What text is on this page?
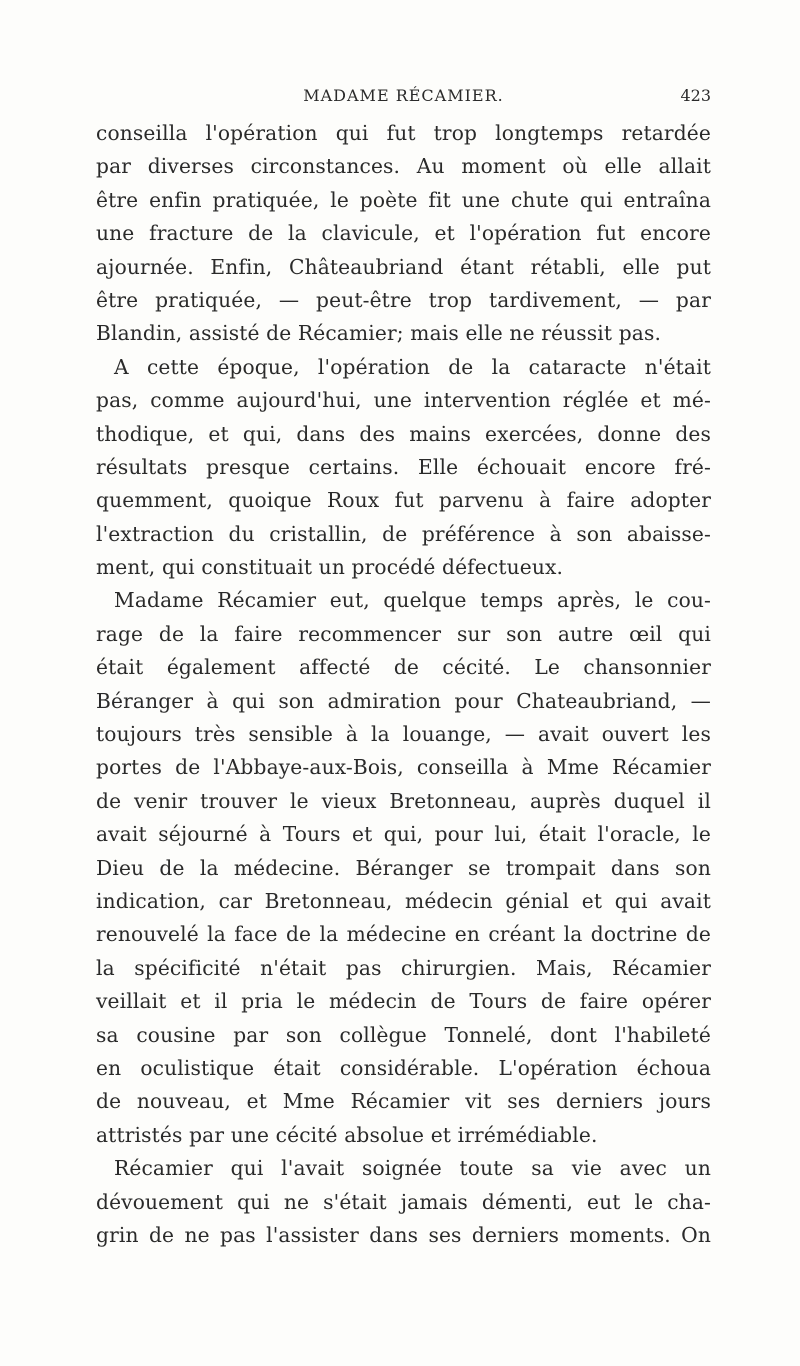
MADAME RÉCAMIER.	423
conseilla l'opération qui fut trop longtemps retardée
par diverses circonstances. Au moment où elle allait
être enfin pratiquée, le poète fit une chute qui entraîna
une fracture de la clavicule, et l'opération fut encore
ajournée. Enfin, Châteaubriand étant rétabli, elle put
être pratiquée, — peut-être trop tardivement, — par
Blandin, assisté de Récamier; mais elle ne réussit pas.
A cette époque, l'opération de la cataracte n'était
pas, comme aujourd'hui, une intervention réglée et mé-
thodique, et qui, dans des mains exercées, donne des
résultats presque certains. Elle échouait encore fré-
quemment, quoique Roux fut parvenu à faire adopter
l'extraction du cristallin, de préférence à son abaisse-
ment, qui constituait un procédé défectueux.
Madame Récamier eut, quelque temps après, le cou-
rage de la faire recommencer sur son autre œil qui
était également affecté de cécité. Le chansonnier
Béranger à qui son admiration pour Chateaubriand, —
toujours très sensible à la louange, — avait ouvert les
portes de l'Abbaye-aux-Bois, conseilla à Mme Récamier
de venir trouver le vieux Bretonneau, auprès duquel il
avait séjourné à Tours et qui, pour lui, était l'oracle, le
Dieu de la médecine. Béranger se trompait dans son
indication, car Bretonneau, médecin génial et qui avait
renouvelé la face de la médecine en créant la doctrine de
la spécificité n'était pas chirurgien. Mais, Récamier
veillait et il pria le médecin de Tours de faire opérer
sa cousine par son collègue Tonnelé, dont l'habileté
en oculistique était considérable. L'opération échoua
de nouveau, et Mme Récamier vit ses derniers jours
attristés par une cécité absolue et irrémédiable.
Récamier qui l'avait soignée toute sa vie avec un
dévouement qui ne s'était jamais démenti, eut le cha-
grin de ne pas l'assister dans ses derniers moments. On
